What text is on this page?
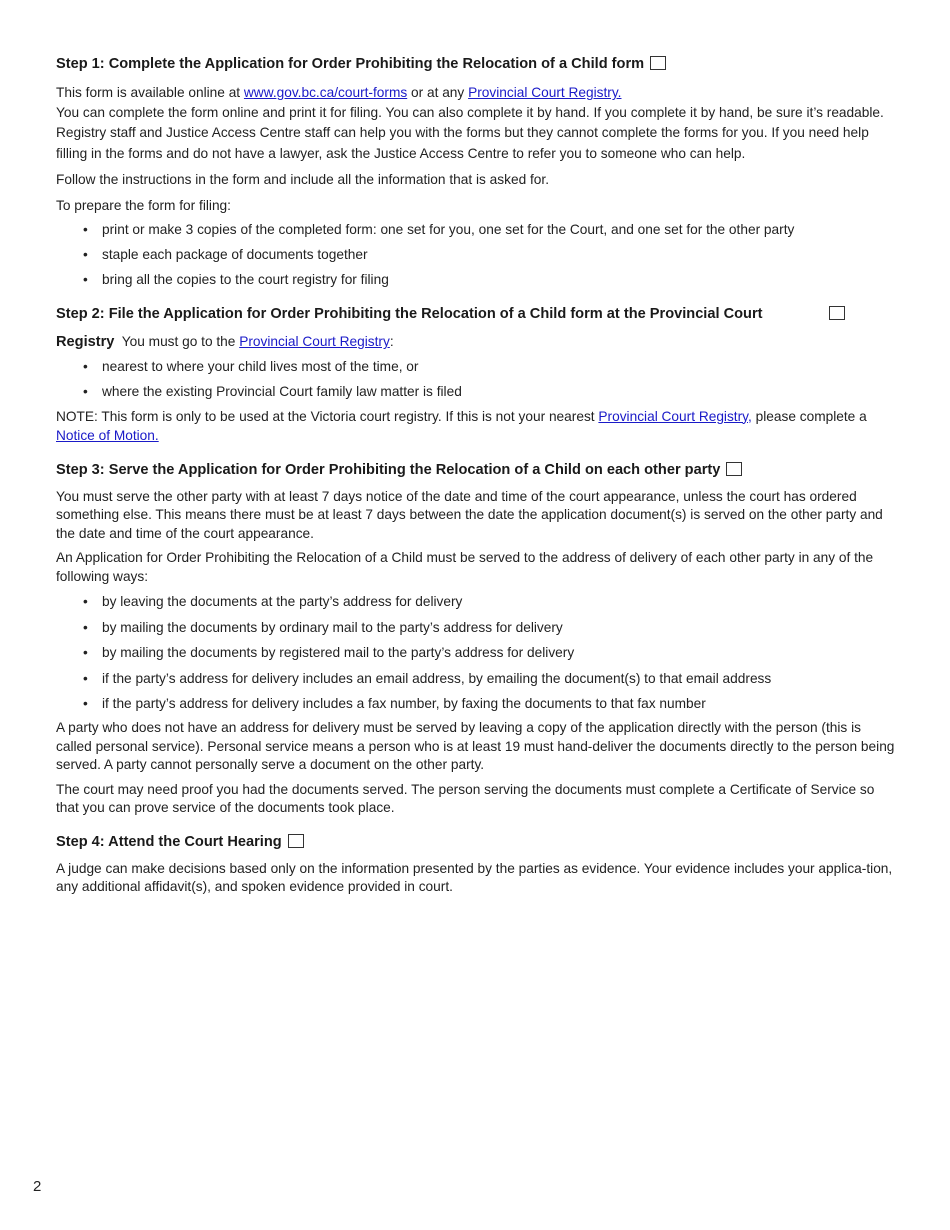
Step 1: Complete the Application for Order Prohibiting the Relocation of a Child form

This form is available online at www.gov.bc.ca/court-forms or at any Provincial Court Registry.

You can complete the form online and print it for filing. You can also complete it by hand. If you complete it by hand, be sure it’s readable. Registry staff and Justice Access Centre staff can help you with the forms but they cannot complete the forms for you. If you need help filling in the forms and do not have a lawyer, ask the Justice Access Centre to refer you to someone who can help.

Follow the instructions in the form and include all the information that is asked for.

To prepare the form for filing:

• print or make 3 copies of the completed form: one set for you, one set for the Court, and one set for the other party
• staple each package of documents together
• bring all the copies to the court registry for filing
Step 2: File the Application for Order Prohibiting the Relocation of a Child form at the Provincial Court

Registry  You must go to the Provincial Court Registry:

• nearest to where your child lives most of the time, or
• where the existing Provincial Court family law matter is filed

NOTE: This form is only to be used at the Victoria court registry. If this is not your nearest Provincial Court Registry, please complete a Notice of Motion.

Step 3: Serve the Application for Order Prohibiting the Relocation of a Child on each other party

You must serve the other party with at least 7 days notice of the date and time of the court appearance, unless the court has ordered something else. This means there must be at least 7 days between the date the application document(s) is served on the other party and the date and time of the court appearance.

An Application for Order Prohibiting the Relocation of a Child must be served to the address of delivery of each other party in any of the following ways:

• by leaving the documents at the party’s address for delivery
• by mailing the documents by ordinary mail to the party’s address for delivery
• by mailing the documents by registered mail to the party’s address for delivery
• if the party’s address for delivery includes an email address, by emailing the document(s) to that email address
• if the party’s address for delivery includes a fax number, by faxing the documents to that fax number

A party who does not have an address for delivery must be served by leaving a copy of the application directly with the person (this is called personal service). Personal service means a person who is at least 19 must hand-deliver the documents directly to the person being served. A party cannot personally serve a document on the other party.

The court may need proof you had the documents served. The person serving the documents must complete a Certificate of Service so that you can prove service of the documents took place.

Step 4: Attend the Court Hearing

A judge can make decisions based only on the information presented by the parties as evidence. Your evidence includes your applica-tion, any additional affidavit(s), and spoken evidence provided in court.

2
